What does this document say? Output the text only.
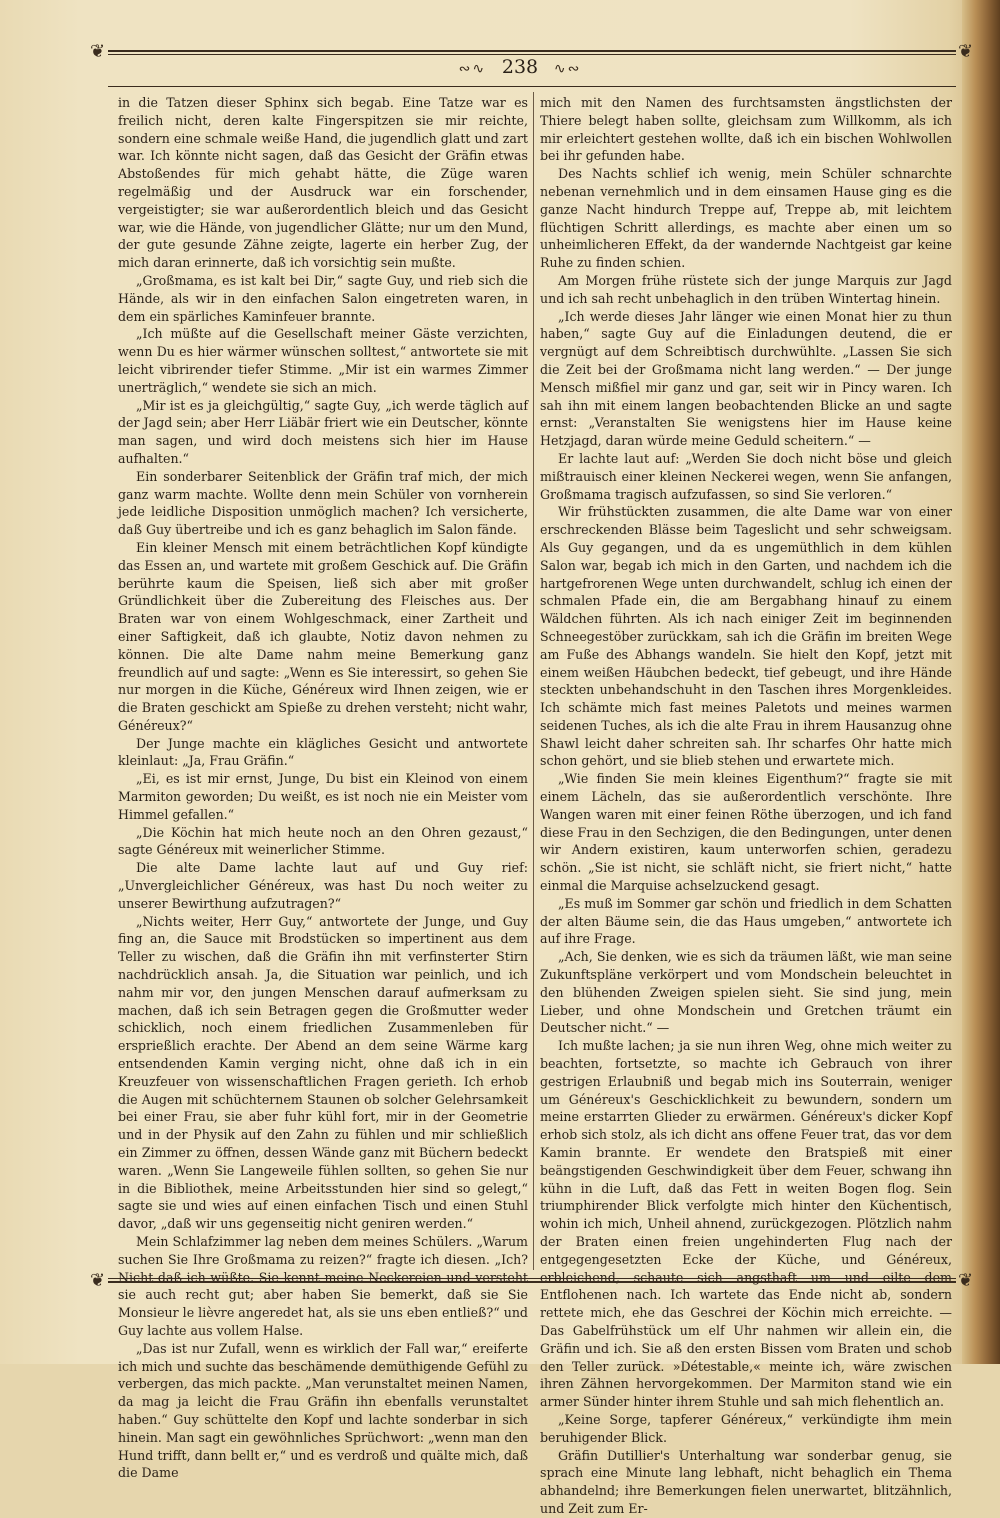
❦	❦
∾∿ 238 ∿∾

in die Tatzen dieser Sphinx sich begab. Eine Tatze war es freilich nicht, deren kalte Fingerspitzen sie mir reichte, sondern eine schmale weiße Hand, die jugendlich glatt und zart war. Ich könnte nicht sagen, daß das Gesicht der Gräfin etwas Abstoßendes für mich gehabt hätte, die Züge waren regelmäßig und der Ausdruck war ein forschender, vergeistigter; sie war außerordentlich bleich und das Gesicht war, wie die Hände, von jugendlicher Glätte; nur um den Mund, der gute gesunde Zähne zeigte, lagerte ein herber Zug, der mich daran erinnerte, daß ich vorsichtig sein mußte.

„Großmama, es ist kalt bei Dir,“ sagte Guy, und rieb sich die Hände, als wir in den einfachen Salon eingetreten waren, in dem ein spärliches Kaminfeuer brannte.

„Ich müßte auf die Gesellschaft meiner Gäste verzichten, wenn Du es hier wärmer wünschen solltest,“ antwortete sie mit leicht vibrirender tiefer Stimme. „Mir ist ein warmes Zimmer unerträglich,“ wendete sie sich an mich.

„Mir ist es ja gleichgültig,“ sagte Guy, „ich werde täglich auf der Jagd sein; aber Herr Liäbär friert wie ein Deutscher, könnte man sagen, und wird doch meistens sich hier im Hause aufhalten.“

Ein sonderbarer Seitenblick der Gräfin traf mich, der mich ganz warm machte. Wollte denn mein Schüler von vornherein jede leidliche Disposition unmöglich machen? Ich versicherte, daß Guy übertreibe und ich es ganz behaglich im Salon fände.

Ein kleiner Mensch mit einem beträchtlichen Kopf kündigte das Essen an, und wartete mit großem Geschick auf. Die Gräfin berührte kaum die Speisen, ließ sich aber mit großer Gründlichkeit über die Zubereitung des Fleisches aus. Der Braten war von einem Wohlgeschmack, einer Zartheit und einer Saftigkeit, daß ich glaubte, Notiz davon nehmen zu können. Die alte Dame nahm meine Bemerkung ganz freundlich auf und sagte: „Wenn es Sie interessirt, so gehen Sie nur morgen in die Küche, Généreux wird Ihnen zeigen, wie er die Braten geschickt am Spieße zu drehen versteht; nicht wahr, Généreux?“

Der Junge machte ein klägliches Gesicht und antwortete kleinlaut: „Ja, Frau Gräfin.“

„Ei, es ist mir ernst, Junge, Du bist ein Kleinod von einem Marmiton geworden; Du weißt, es ist noch nie ein Meister vom Himmel gefallen.“

„Die Köchin hat mich heute noch an den Ohren gezaust,“ sagte Généreux mit weinerlicher Stimme.

Die alte Dame lachte laut auf und Guy rief: „Unvergleichlicher Généreux, was hast Du noch weiter zu unserer Bewirthung aufzutragen?“

„Nichts weiter, Herr Guy,“ antwortete der Junge, und Guy fing an, die Sauce mit Brodstücken so impertinent aus dem Teller zu wischen, daß die Gräfin ihn mit verfinsterter Stirn nachdrücklich ansah. Ja, die Situation war peinlich, und ich nahm mir vor, den jungen Menschen darauf aufmerksam zu machen, daß ich sein Betragen gegen die Großmutter weder schicklich, noch einem friedlichen Zusammenleben für ersprießlich erachte. Der Abend an dem seine Wärme karg entsendenden Kamin verging nicht, ohne daß ich in ein Kreuzfeuer von wissenschaftlichen Fragen gerieth. Ich erhob die Augen mit schüchternem Staunen ob solcher Gelehrsamkeit bei einer Frau, sie aber fuhr kühl fort, mir in der Geometrie und in der Physik auf den Zahn zu fühlen und mir schließlich ein Zimmer zu öffnen, dessen Wände ganz mit Büchern bedeckt waren. „Wenn Sie Langeweile fühlen sollten, so gehen Sie nur in die Bibliothek, meine Arbeitsstunden hier sind so gelegt,“ sagte sie und wies auf einen einfachen Tisch und einen Stuhl davor, „daß wir uns gegenseitig nicht geniren werden.“

Mein Schlafzimmer lag neben dem meines Schülers. „Warum suchen Sie Ihre Großmama zu reizen?“ fragte ich diesen. „Ich? sie auch recht gut; aber haben Sie bemerkt, daß sie Sie Monsieur le lièvre angeredet hat, als sie uns eben entließ?“ und Guy lachte aus vollem Halse.

„Das ist nur Zufall, wenn es wirklich der Fall war,“ ereiferte ich mich und suchte das beschämende demüthigende Gefühl zu verbergen, das mich packte. „Man verunstaltet meinen Namen, da mag ja leicht die Frau Gräfin ihn ebenfalls verunstaltet haben.“ Guy schüttelte den Kopf und lachte sonderbar in sich hinein. Man sagt ein gewöhnliches Sprüchwort: „wenn man den Hund trifft, dann bellt er,“ und es verdroß und quälte mich, daß die Dame

mich mit den Namen des furchtsamsten ängstlichsten der Thiere belegt haben sollte, gleichsam zum Willkomm, als ich mir erleichtert gestehen wollte, daß ich ein bischen Wohlwollen bei ihr gefunden habe.

Des Nachts schlief ich wenig, mein Schüler schnarchte nebenan vernehmlich und in dem einsamen Hause ging es die ganze Nacht hindurch Treppe auf, Treppe ab, mit leichtem flüchtigen Schritt allerdings, es machte aber einen um so unheimlicheren Effekt, da der wandernde Nachtgeist gar keine Ruhe zu finden schien.

Am Morgen frühe rüstete sich der junge Marquis zur Jagd und ich sah recht unbehaglich in den trüben Wintertag hinein.

„Ich werde dieses Jahr länger wie einen Monat hier zu thun haben,“ sagte Guy auf die Einladungen deutend, die er vergnügt auf dem Schreibtisch durchwühlte. „Lassen Sie sich die Zeit bei der Großmama nicht lang werden.“ — Der junge Mensch mißfiel mir ganz und gar, seit wir in Pincy waren. Ich sah ihn mit einem langen beobachtenden Blicke an und sagte ernst: „Veranstalten Sie wenigstens hier im Hause keine Hetzjagd, daran würde meine Geduld scheitern.“ —

Er lachte laut auf: „Werden Sie doch nicht böse und gleich mißtrauisch einer kleinen Neckerei wegen, wenn Sie anfangen, Großmama tragisch aufzufassen, so sind Sie verloren.“

Wir frühstückten zusammen, die alte Dame war von einer erschreckenden Blässe beim Tageslicht und sehr schweigsam. Als Guy gegangen, und da es ungemüthlich in dem kühlen Salon war, begab ich mich in den Garten, und nachdem ich die hartgefrorenen Wege unten durchwandelt, schlug ich einen der schmalen Pfade ein, die am Bergabhang hinauf zu einem Wäldchen führten. Als ich nach einiger Zeit im beginnenden Schneegestöber zurückkam, sah ich die Gräfin im breiten Wege am Fuße des Abhangs wandeln. Sie hielt den Kopf, jetzt mit einem weißen Häubchen bedeckt, tief gebeugt, und ihre Hände steckten unbehandschuht in den Taschen ihres Morgenkleides. Ich schämte mich fast meines Paletots und meines warmen seidenen Tuches, als ich die alte Frau in ihrem Hausanzug ohne Shawl leicht daher schreiten sah. Ihr scharfes Ohr hatte mich schon gehört, und sie blieb stehen und erwartete mich.

„Wie finden Sie mein kleines Eigenthum?“ fragte sie mit einem Lächeln, das sie außerordentlich verschönte. Ihre Wangen waren mit einer feinen Röthe überzogen, und ich fand diese Frau in den Sechzigen, die den Bedingungen, unter denen wir Andern existiren, kaum unterworfen schien, geradezu schön. „Sie ist nicht, sie schläft nicht, sie friert nicht,“ hatte einmal die Marquise achselzuckend gesagt.

„Es muß im Sommer gar schön und friedlich in dem Schatten der alten Bäume sein, die das Haus umgeben,“ antwortete ich auf ihre Frage.

„Ach, Sie denken, wie es sich da träumen läßt, wie man seine Zukunftspläne verkörpert und vom Mondschein beleuchtet in den blühenden Zweigen spielen sieht. Sie sind jung, mein Lieber, und ohne Mondschein und Gretchen träumt ein Deutscher nicht.“ —

Ich mußte lachen; ja sie nun ihren Weg, ohne mich weiter zu beachten, fortsetzte, so machte ich Gebrauch von ihrer gestrigen Erlaubniß und begab mich ins Souterrain, weniger um Généreux's Geschicklichkeit zu bewundern, sondern um meine erstarrten Glieder zu erwärmen. Généreux's dicker Kopf erhob sich stolz, als ich dicht ans offene Feuer trat, das vor dem Kamin brannte. Er wendete den Bratspieß mit einer beängstigenden Geschwindigkeit über dem Feuer, schwang ihn kühn in die Luft, daß das Fett in weiten Bogen flog. Sein triumphirender Blick verfolgte mich hinter den Küchentisch, wohin ich mich, Unheil ahnend, zurückgezogen. Plötzlich nahm der Braten einen freien ungehinderten Flug nach der entgegengesetzten Ecke der Küche, und Généreux, Entflohenen nach. Ich wartete das Ende nicht ab, sondern rettete mich, ehe das Geschrei der Köchin mich erreichte. — Das Gabelfrühstück um elf Uhr nahmen wir allein ein, die Gräfin und ich. Sie aß den ersten Bissen vom Braten und schob den Teller zurück. »Détestable,« meinte ich, wäre zwischen ihren Zähnen hervorgekommen. Der Marmiton stand wie ein armer Sünder hinter ihrem Stuhle und sah mich flehentlich an.

„Keine Sorge, tapferer Généreux,“ verkündigte ihm mein beruhigender Blick.

Gräfin Dutillier's Unterhaltung war sonderbar genug, sie sprach eine Minute lang lebhaft, nicht behaglich ein Thema abhandelnd; ihre Bemerkungen fielen unerwartet, blitzähnlich, und Zeit zum Er-

❦	❦
